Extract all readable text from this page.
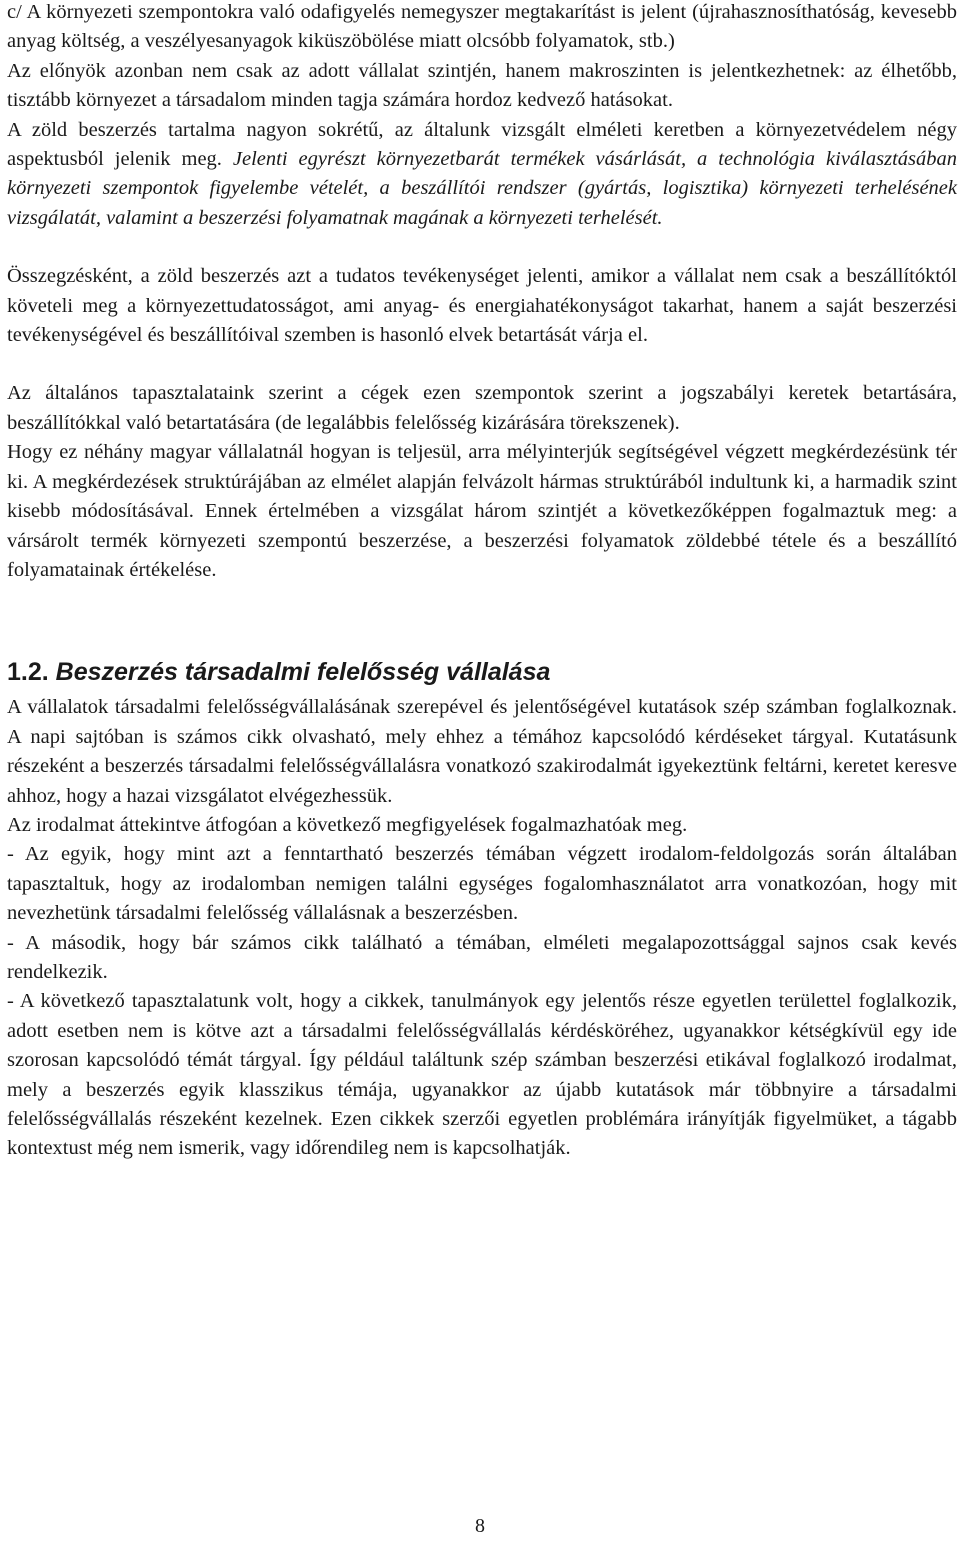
c/ A környezeti szempontokra való odafigyelés nemegyszer megtakarítást is jelent (újrahasznosíthatóság, kevesebb anyag költség, a veszélyesanyagok kiküszöbölése miatt olcsóbb folyamatok, stb.)

Az előnyök azonban nem csak az adott vállalat szintjén, hanem makroszinten is jelentkezhetnek: az élhetőbb, tisztább környezet a társadalom minden tagja számára hordoz kedvező hatásokat.

A zöld beszerzés tartalma nagyon sokrétű, az általunk vizsgált elméleti keretben a környezetvédelem négy aspektusból jelenik meg. Jelenti egyrészt környezetbarát termékek vásárlását, a technológia kiválasztásában környezeti szempontok figyelembe vételét, a beszállítói rendszer (gyártás, logisztika) környezeti terhelésének vizsgálatát, valamint a beszerzési folyamatnak magának a környezeti terhelését.

Összegzésként, a zöld beszerzés azt a tudatos tevékenységet jelenti, amikor a vállalat nem csak a beszállítóktól követeli meg a környezettudatosságot, ami anyag- és energiahatékonyságot takarhat, hanem a saját beszerzési tevékenységével és beszállítóival szemben is hasonló elvek betartását várja el.

Az általános tapasztalataink szerint a cégek ezen szempontok szerint a jogszabályi keretek betartására, beszállítókkal való betartatására (de legalábbis felelősség kizárására törekszenek).

Hogy ez néhány magyar vállalatnál hogyan is teljesül, arra mélyinterjúk segítségével végzett megkérdezésünk tér ki. A megkérdezések struktúrájában az elmélet alapján felvázolt hármas struktúrából indultunk ki, a harmadik szint kisebb módosításával. Ennek értelmében a vizsgálat három szintjét a következőképpen fogalmaztuk meg: a vársárolt termék környezeti szempontú beszerzése, a beszerzési folyamatok zöldebbé tétele és a beszállító folyamatainak értékelése.

1.2. Beszerzés társadalmi felelősség vállalása

A vállalatok társadalmi felelősségvállalásának szerepével és jelentőségével kutatások szép számban foglalkoznak. A napi sajtóban is számos cikk olvasható, mely ehhez a témához kapcsolódó kérdéseket tárgyal. Kutatásunk részeként a beszerzés társadalmi felelősségvállalásra vonatkozó szakirodalmát igyekeztünk feltárni, keretet keresve ahhoz, hogy a hazai vizsgálatot elvégezhessük.

Az irodalmat áttekintve átfogóan a következő megfigyelések fogalmazhatóak meg.

- Az egyik, hogy mint azt a fenntartható beszerzés témában végzett irodalom-feldolgozás során általában tapasztaltuk, hogy az irodalomban nemigen találni egységes fogalomhasználatot arra vonatkozóan, hogy mit nevezhetünk társadalmi felelősség vállalásnak a beszerzésben.

- A második, hogy bár számos cikk található a témában, elméleti megalapozottsággal sajnos csak kevés rendelkezik.

- A következő tapasztalatunk volt, hogy a cikkek, tanulmányok egy jelentős része egyetlen területtel foglalkozik, adott esetben nem is kötve azt a társadalmi felelősségvállalás kérdésköréhez, ugyanakkor kétségkívül egy ide szorosan kapcsolódó témát tárgyal. Így például találtunk szép számban beszerzési etikával foglalkozó irodalmat, mely a beszerzés egyik klasszikus témája, ugyanakkor az újabb kutatások már többnyire a társadalmi felelősségvállalás részeként kezelnek. Ezen cikkek szerzői egyetlen problémára irányítják figyelmüket, a tágabb kontextust még nem ismerik, vagy időrendileg nem is kapcsolhatják.

8
